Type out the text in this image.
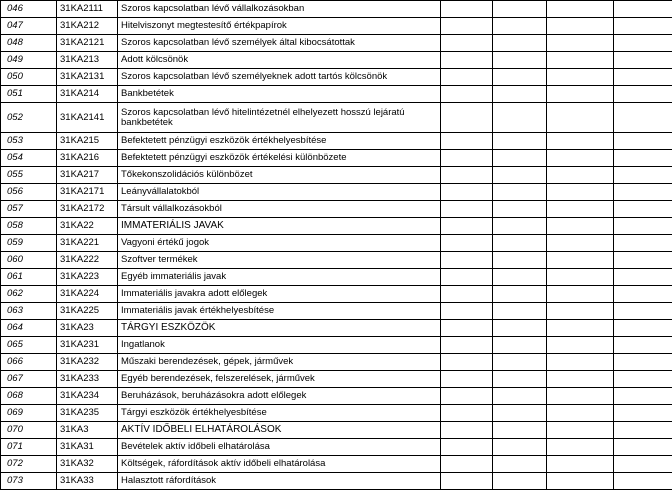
046	31KA2111	Szoros kapcsolatban lévő vállalkozásokban				
047	31KA212	Hitelviszonyt megtestesítő értékpapírok				
048	31KA2121	Szoros kapcsolatban lévő személyek által kibocsátottak				
049	31KA213	Adott kölcsönök				
050	31KA2131	Szoros kapcsolatban lévő személyeknek adott tartós kölcsönök				
051	31KA214	Bankbetétek				
052	31KA2141	Szoros kapcsolatban lévő hitelintézetnél elhelyezett hosszú lejáratú bankbetétek				
053	31KA215	Befektetett pénzügyi eszközök értékhelyesbítése				
054	31KA216	Befektetett pénzügyi eszközök értékelési különbözete				
055	31KA217	Tőkekonszolidációs különbözet				
056	31KA2171	Leányvállalatokból				
057	31KA2172	Társult vállalkozásokból				
058	31KA22	IMMATERIÁLIS JAVAK				
059	31KA221	Vagyoni értékű jogok				
060	31KA222	Szoftver termékek				
061	31KA223	Egyéb immateriális javak				
062	31KA224	Immateriális javakra adott előlegek				
063	31KA225	Immateriális javak értékhelyesbítése				
064	31KA23	TÁRGYI ESZKÖZÖK				
065	31KA231	Ingatlanok				
066	31KA232	Műszaki berendezések, gépek, járművek				
067	31KA233	Egyéb berendezések, felszerelések, járművek				
068	31KA234	Beruházások, beruházásokra adott előlegek				
069	31KA235	Tárgyi eszközök értékhelyesbítése				
070	31KA3	AKTÍV IDŐBELI ELHATÁROLÁSOK				
071	31KA31	Bevételek aktív időbeli elhatárolása				
072	31KA32	Költségek, ráfordítások aktív időbeli elhatárolása				
073	31KA33	Halasztott ráfordítások				
